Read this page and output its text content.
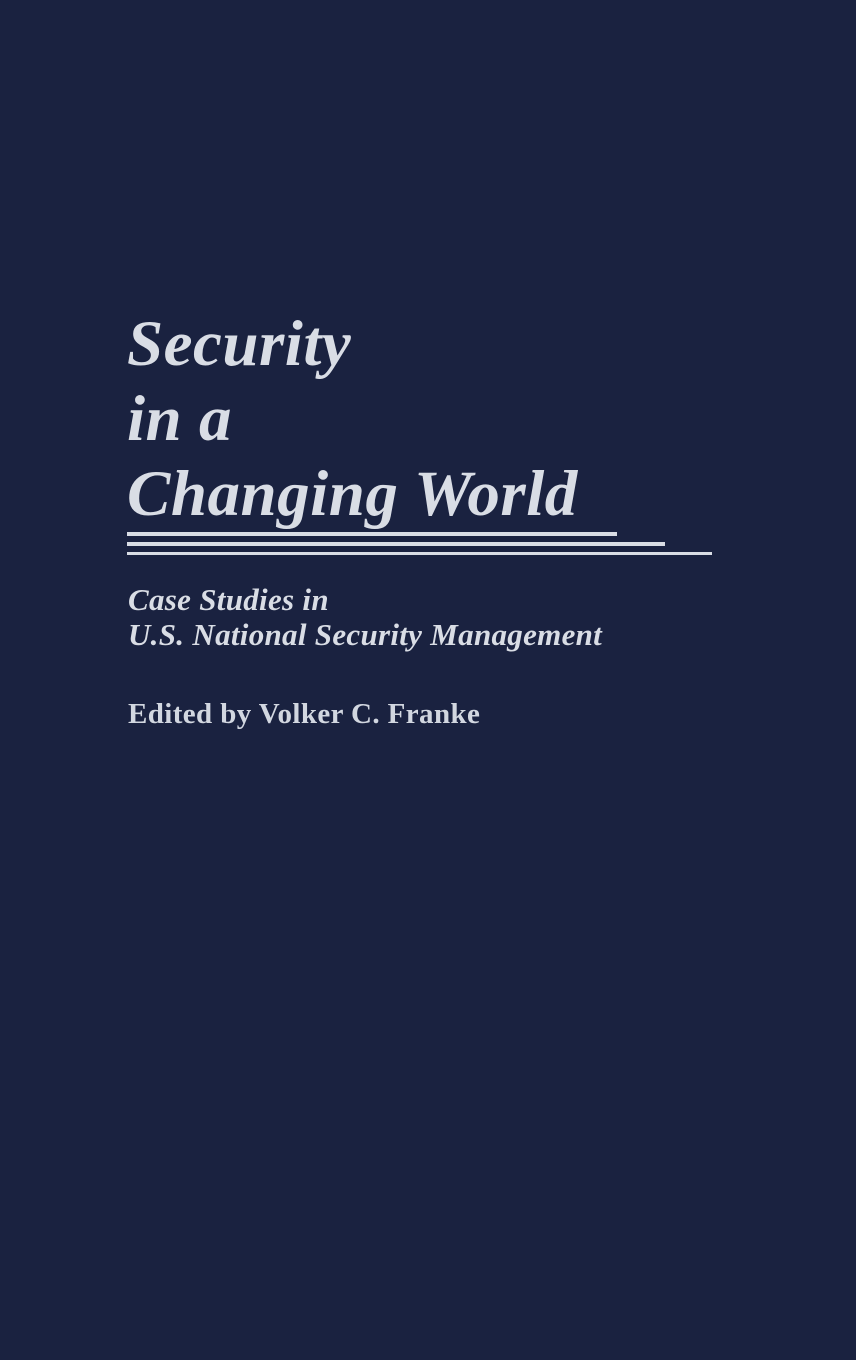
Security
in a
Changing World
Case Studies in
U.S. National Security Management
Edited by Volker C. Franke
